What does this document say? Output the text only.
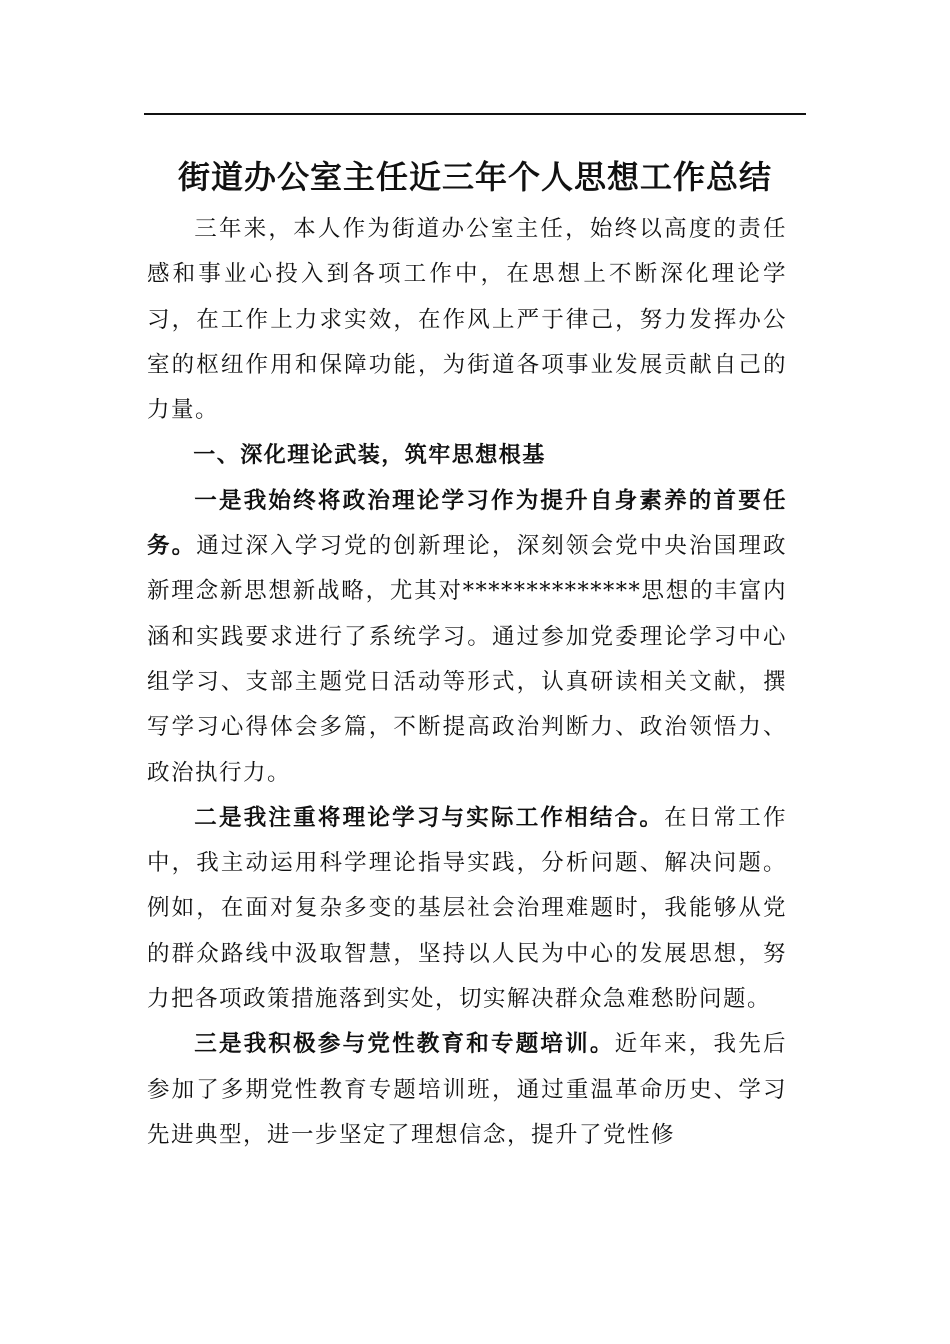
街道办公室主任近三年个人思想工作总结

三年来，本人作为街道办公室主任，始终以高度的责任感和事业心投入到各项工作中，在思想上不断深化理论学习，在工作上力求实效，在作风上严于律己，努力发挥办公室的枢纽作用和保障功能，为街道各项事业发展贡献自己的力量。

一、深化理论武装，筑牢思想根基

一是我始终将政治理论学习作为提升自身素养的首要任务。通过深入学习党的创新理论，深刻领会党中央治国理政新理念新思想新战略，尤其对**************思想的丰富内涵和实践要求进行了系统学习。通过参加党委理论学习中心组学习、支部主题党日活动等形式，认真研读相关文献，撰写学习心得体会多篇，不断提高政治判断力、政治领悟力、政治执行力。

二是我注重将理论学习与实际工作相结合。在日常工作中，我主动运用科学理论指导实践，分析问题、解决问题。例如，在面对复杂多变的基层社会治理难题时，我能够从党的群众路线中汲取智慧，坚持以人民为中心的发展思想，努力把各项政策措施落到实处，切实解决群众急难愁盼问题。

三是我积极参与党性教育和专题培训。近年来，我先后参加了多期党性教育专题培训班，通过重温革命历史、学习先进典型，进一步坚定了理想信念，提升了党性修
